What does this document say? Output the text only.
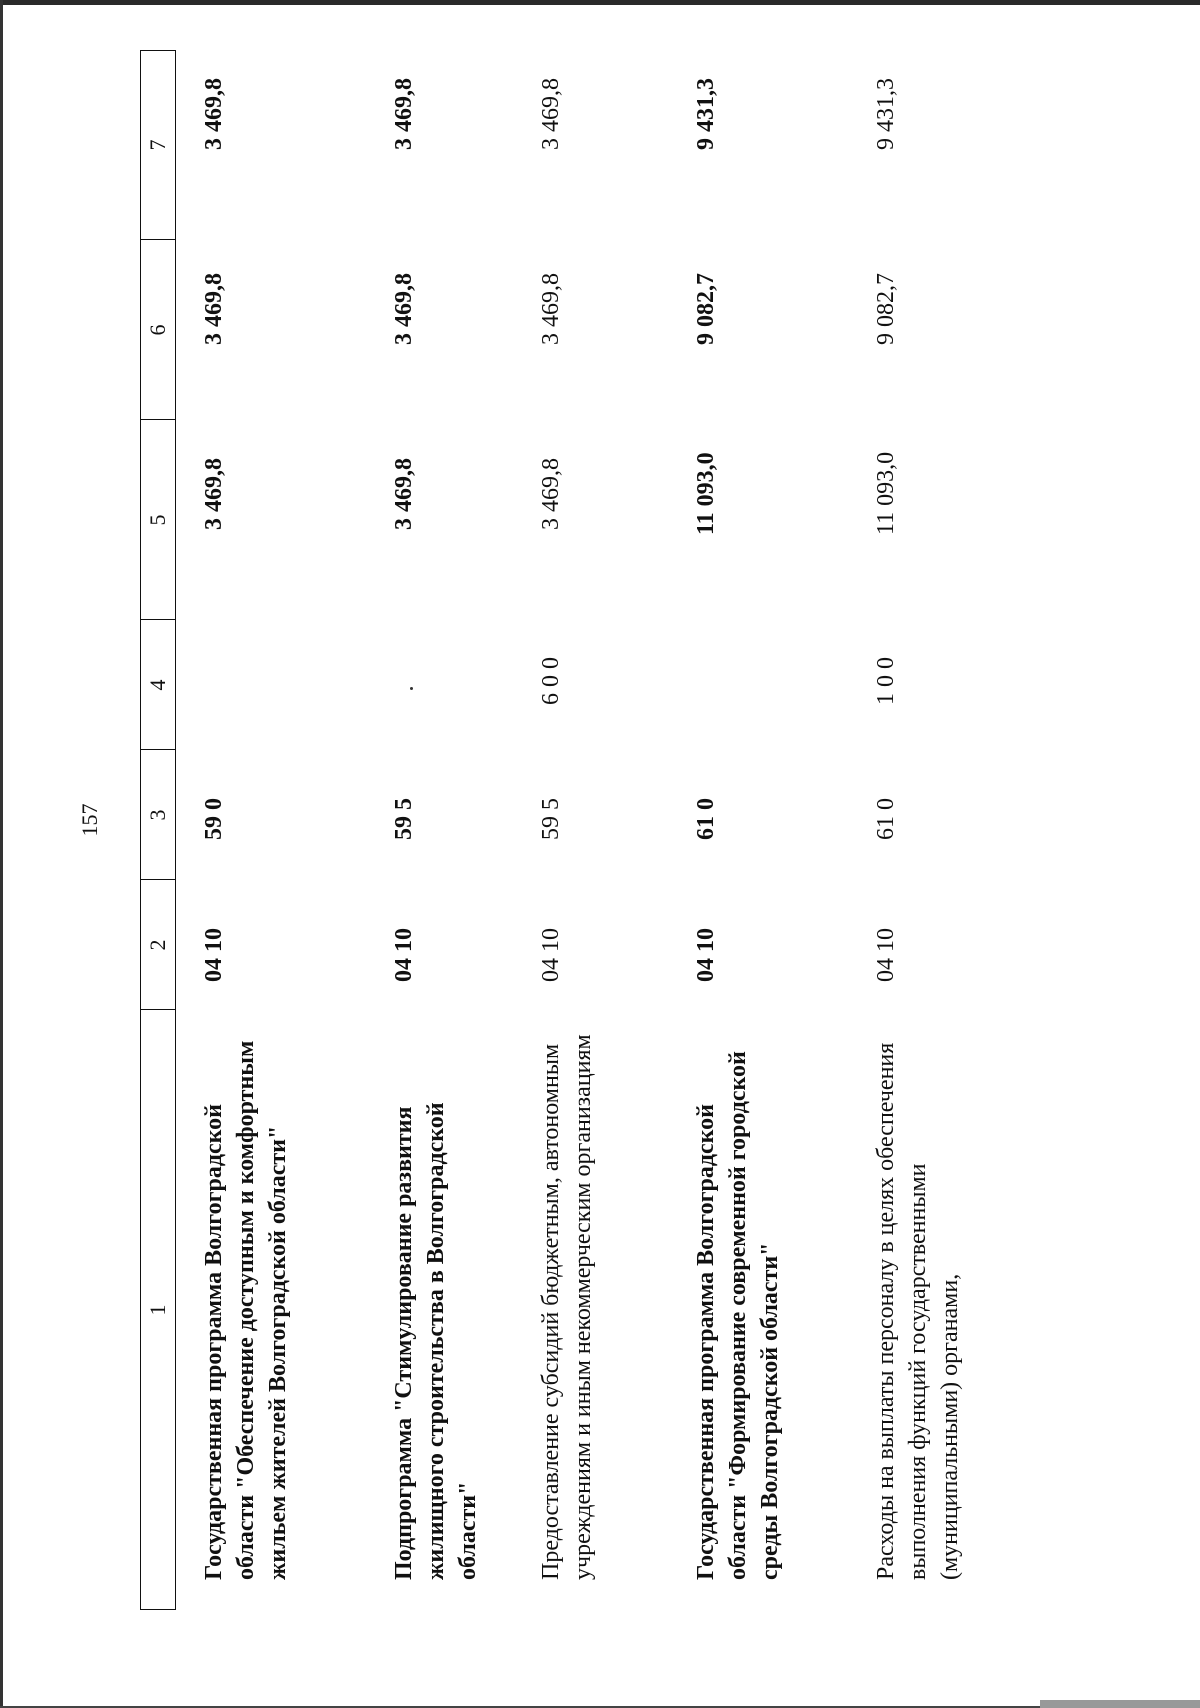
157
1
2
3
4
5
6
7
Государственная программа Волгоградской области "Обеспечение доступным и комфортным жильем жителей Волгоградской области"
04 10
59 0
3 469,8
3 469,8
3 469,8
Подпрограмма "Стимулирование развития жилищного строительства в Волгоградской области"
04 10
59 5
3 469,8
3 469,8
3 469,8
Предоставление субсидий бюджетным, автономным учреждениям и иным некоммерческим организациям
04 10
59 5
6 0 0
3 469,8
3 469,8
3 469,8
Государственная программа Волгоградской области "Формирование современной городской среды Волгоградской области"
04 10
61 0
11 093,0
9 082,7
9 431,3
Расходы на выплаты персоналу в целях обеспечения выполнения функций государственными (муниципальными) органами,
04 10
61 0
1 0 0
11 093,0
9 082,7
9 431,3
